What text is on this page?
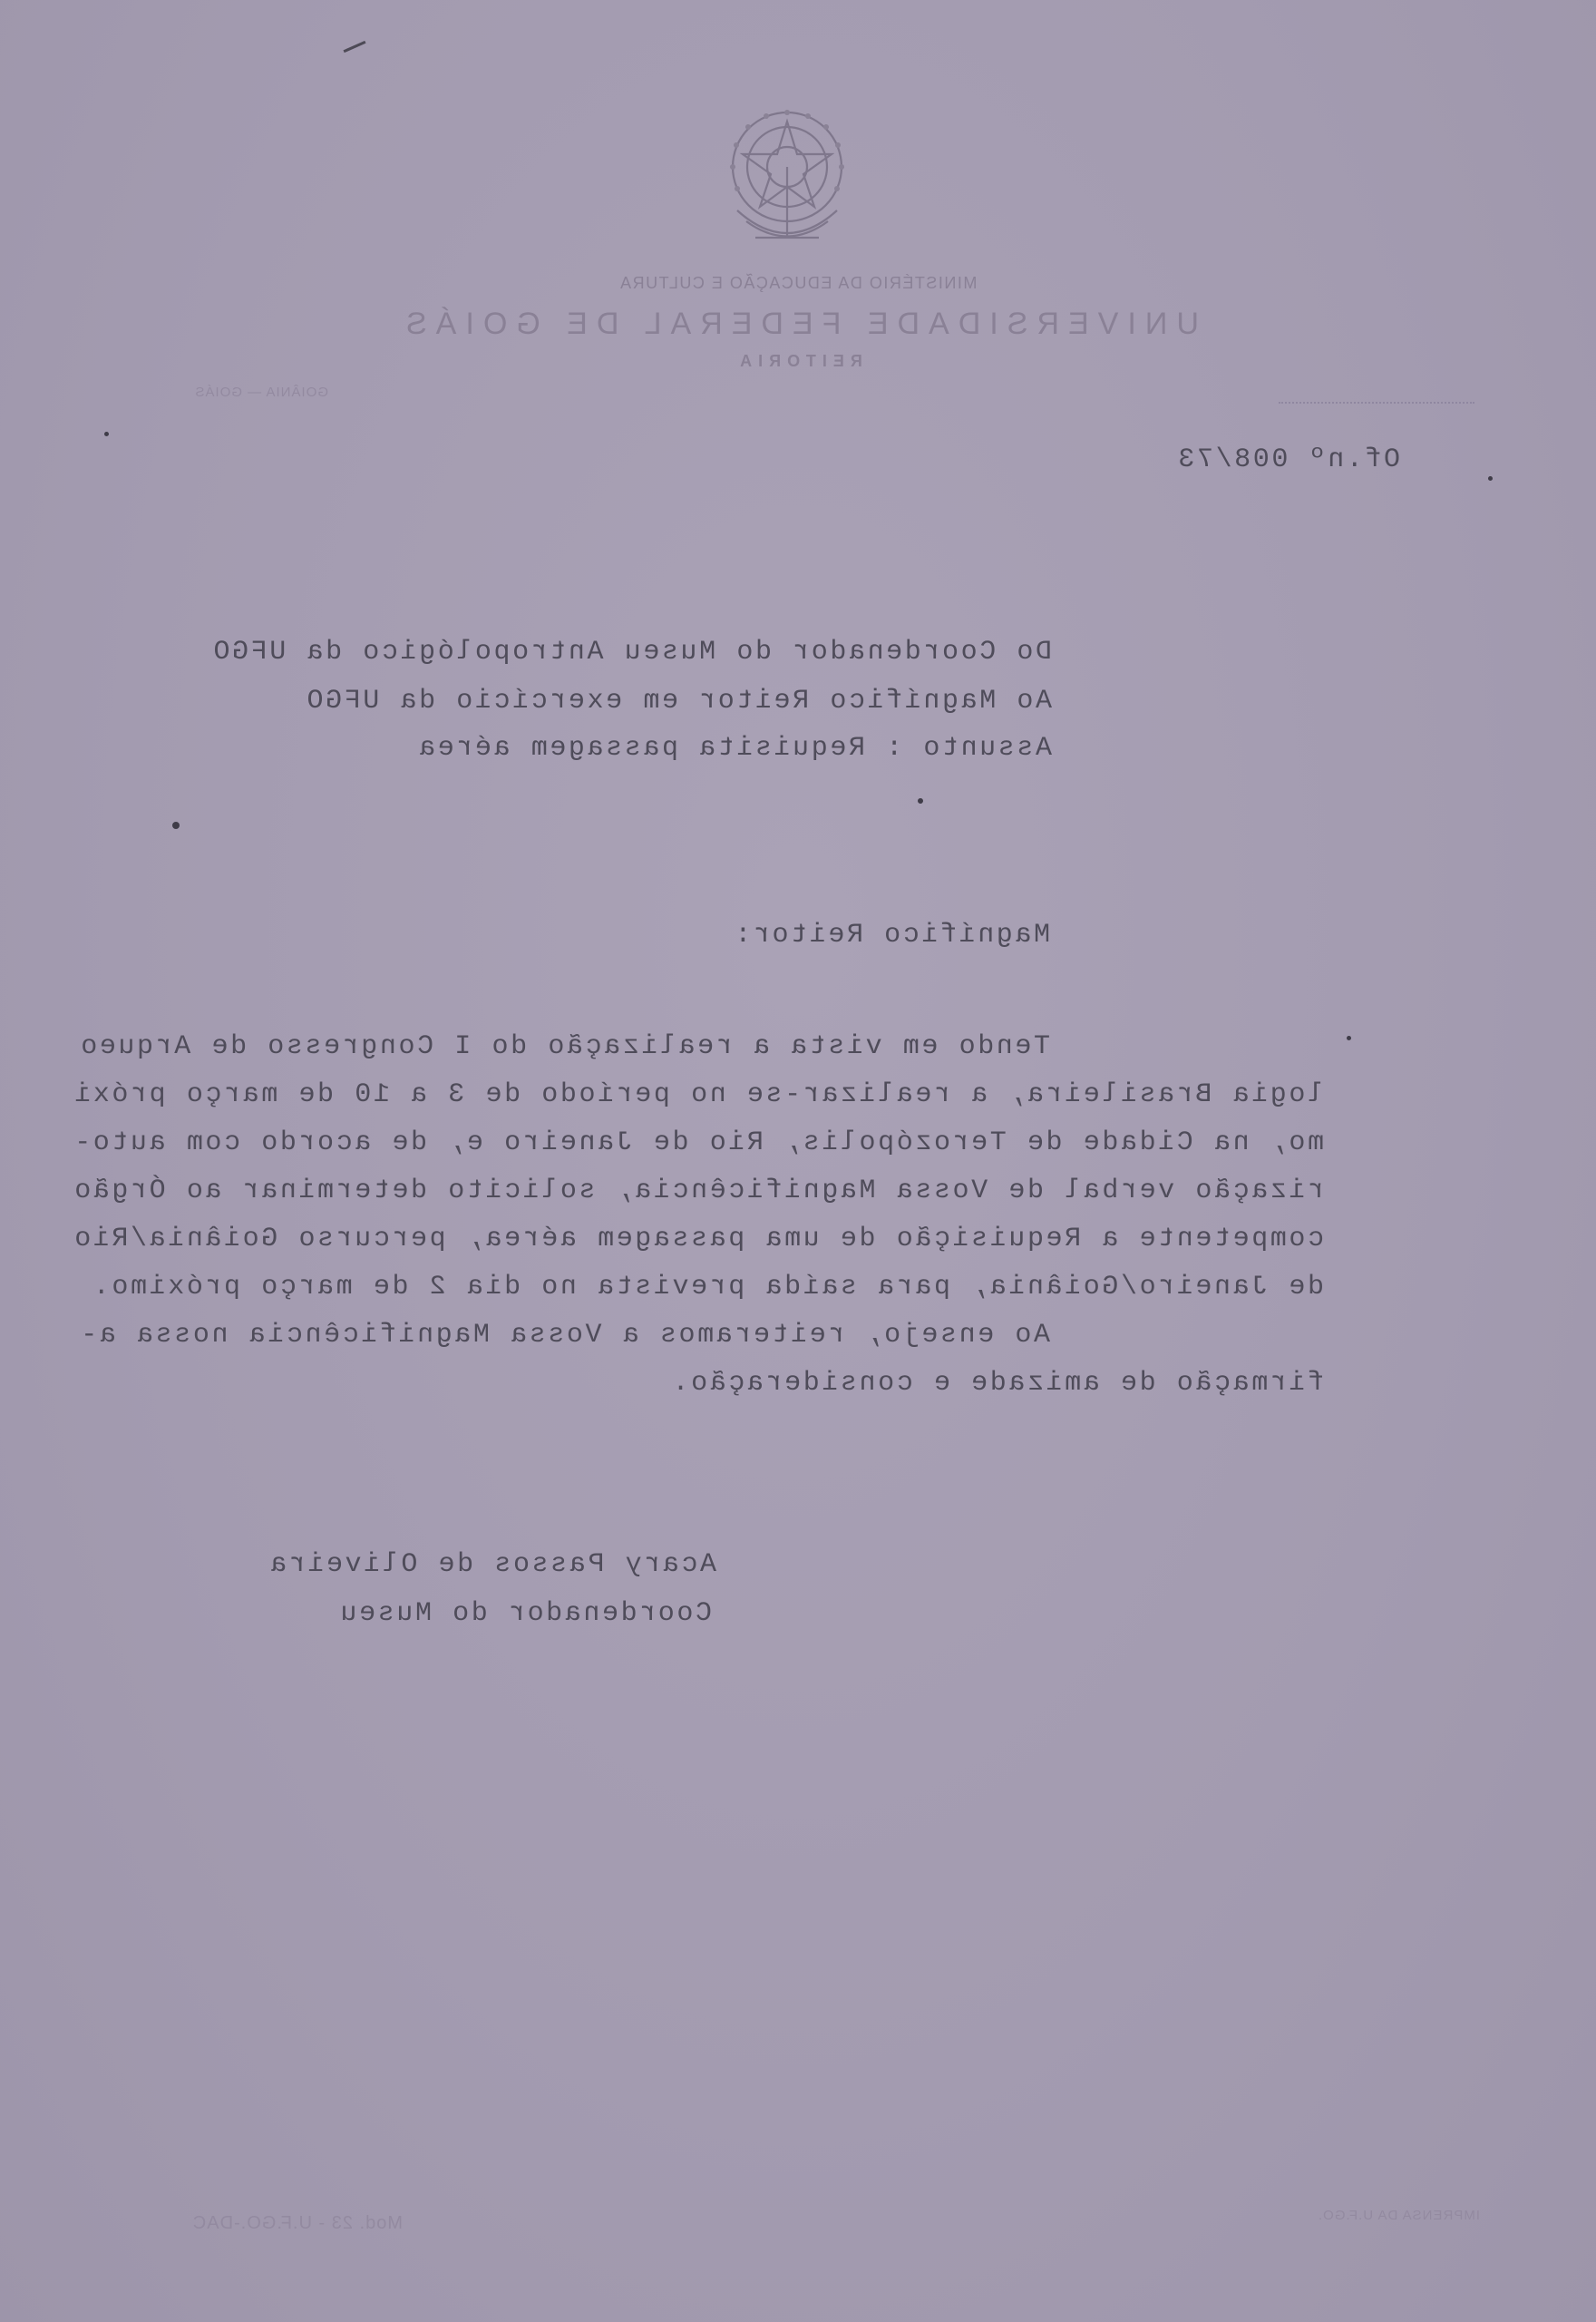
MINISTÉRIO DA EDUCAÇÃO E CULTURA
UNIVERSIDADE FEDERAL DE GOIÁS
REITORIA
GOIÂNIA — GOIÁS
Of.nº 008/73
Do Coordenador do Museu Antropológico da UFGO
Ao Magnífico Reitor em exercício da UFGO
Assunto : Requisita passagem aérea
Magnífico Reitor:
Tendo em vista a realização do I Congresso de Arqueo
logia Brasileira, a realizar-se no período de 3 a 10 de março próxi
mo, na Cidade de Terozópolis, Rio de Janeiro e, de acordo com auto-
rização verbal de Vossa Magnificência, solicito determinar ao Órgão
competente a Requisição de uma passagem aérea, percurso Goiânia/Rio
de Janeiro/Goiânia, para saída prevista no dia 2 de março próximo.
Ao ensejo, reiteramos a Vossa Magnificência nossa a-
firmação de amizade e consideração.
Acary Passos de Oliveira
Coordenador do Museu
Mod. 23 - U.F.GO.-DAC	IMPRENSA DA U.F.GO.
